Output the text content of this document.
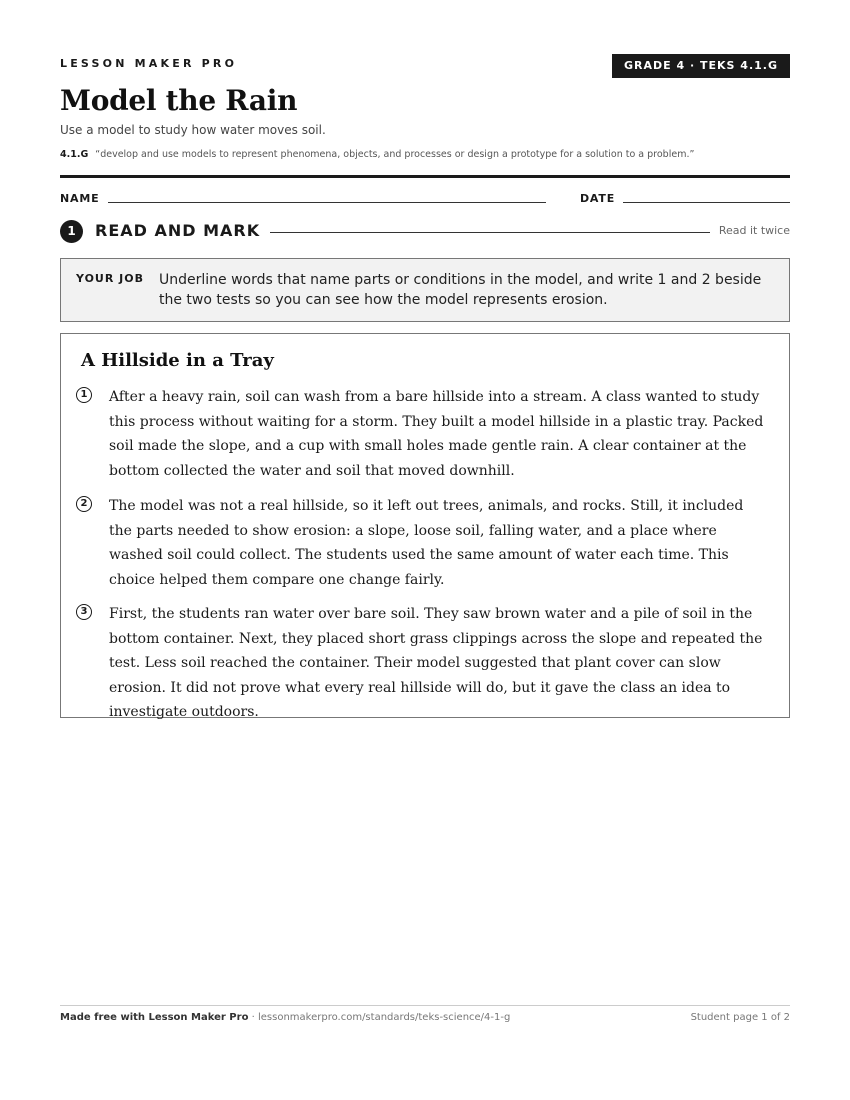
LESSON MAKER PRO	GRADE 4 · TEKS 4.1.G
Model the Rain
Use a model to study how water moves soil.
4.1.G “develop and use models to represent phenomena, objects, and processes or design a prototype for a solution to a problem.”
NAME	DATE
1	READ AND MARK	Read it twice
YOUR JOB Underline words that name parts or conditions in the model, and write 1 and 2 beside the two tests so you can see how the model represents erosion.
A Hillside in a Tray
1	After a heavy rain, soil can wash from a bare hillside into a stream. A class wanted to study this process without waiting for a storm. They built a model hillside in a plastic tray. Packed soil made the slope, and a cup with small holes made gentle rain. A clear container at the bottom collected the water and soil that moved downhill.
2	The model was not a real hillside, so it left out trees, animals, and rocks. Still, it included the parts needed to show erosion: a slope, loose soil, falling water, and a place where washed soil could collect. The students used the same amount of water each time. This choice helped them compare one change fairly.
3	First, the students ran water over bare soil. They saw brown water and a pile of soil in the bottom container. Next, they placed short grass clippings across the slope and repeated the test. Less soil reached the container. Their model suggested that plant cover can slow erosion. It did not prove what every real hillside will do, but it gave the class an idea to investigate outdoors.
Made free with Lesson Maker Pro · lessonmakerpro.com/standards/teks-science/4-1-g	Student page 1 of 2
